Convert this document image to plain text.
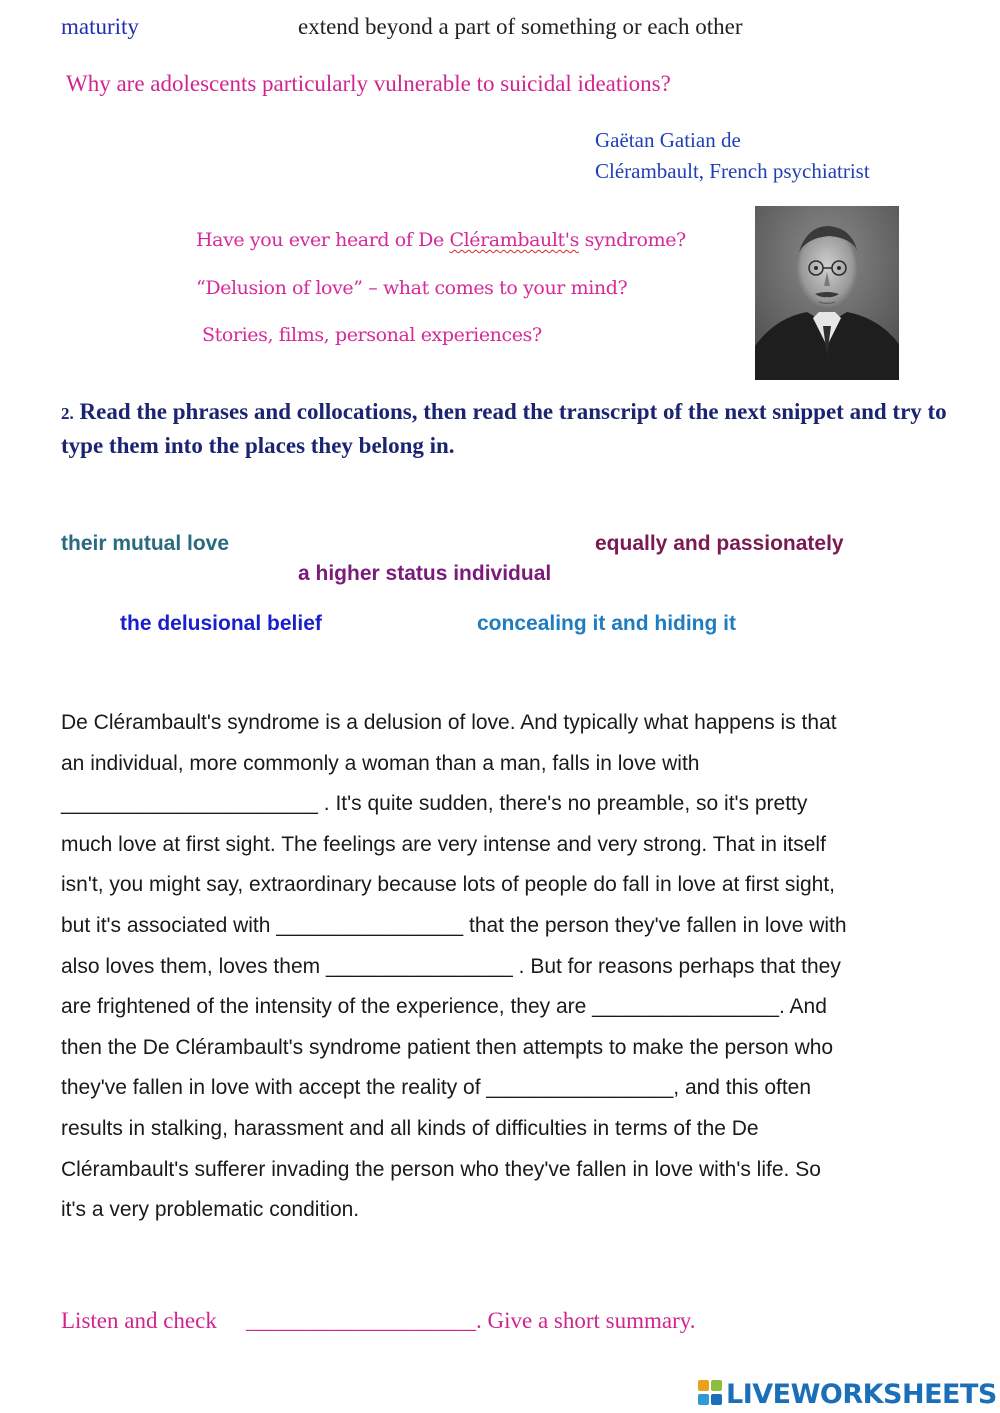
maturity	extend beyond a part of something or each other
Why are adolescents particularly vulnerable to suicidal ideations?
Gaëtan Gatian de
Clérambault, French psychiatrist
Have you ever heard of De Clérambault's syndrome?
“Delusion of love” – what comes to your mind?
Stories, films, personal experiences?
2. Read the phrases and collocations, then read the transcript of the next snippet and try to type them into the places they belong in.
their mutual love	equally and passionately
a higher status individual
the delusional belief	concealing it and hiding it
De Clérambault's syndrome is a delusion of love. And typically what happens is that
an individual, more commonly a woman than a man, falls in love with
______________________ . It's quite sudden, there's no preamble, so it's pretty
much love at first sight. The feelings are very intense and very strong. That in itself
isn't, you might say, extraordinary because lots of people do fall in love at first sight,
but it's associated with ________________ that the person they've fallen in love with
also loves them, loves them ________________ . But for reasons perhaps that they
are frightened of the intensity of the experience, they are ________________. And
then the De Clérambault's syndrome patient then attempts to make the person who
they've fallen in love with accept the reality of ________________, and this often
results in stalking, harassment and all kinds of difficulties in terms of the De
Clérambault's sufferer invading the person who they've fallen in love with's life. So
it's a very problematic condition.
Listen and check ____________________. Give a short summary.
LIVEWORKSHEETS
